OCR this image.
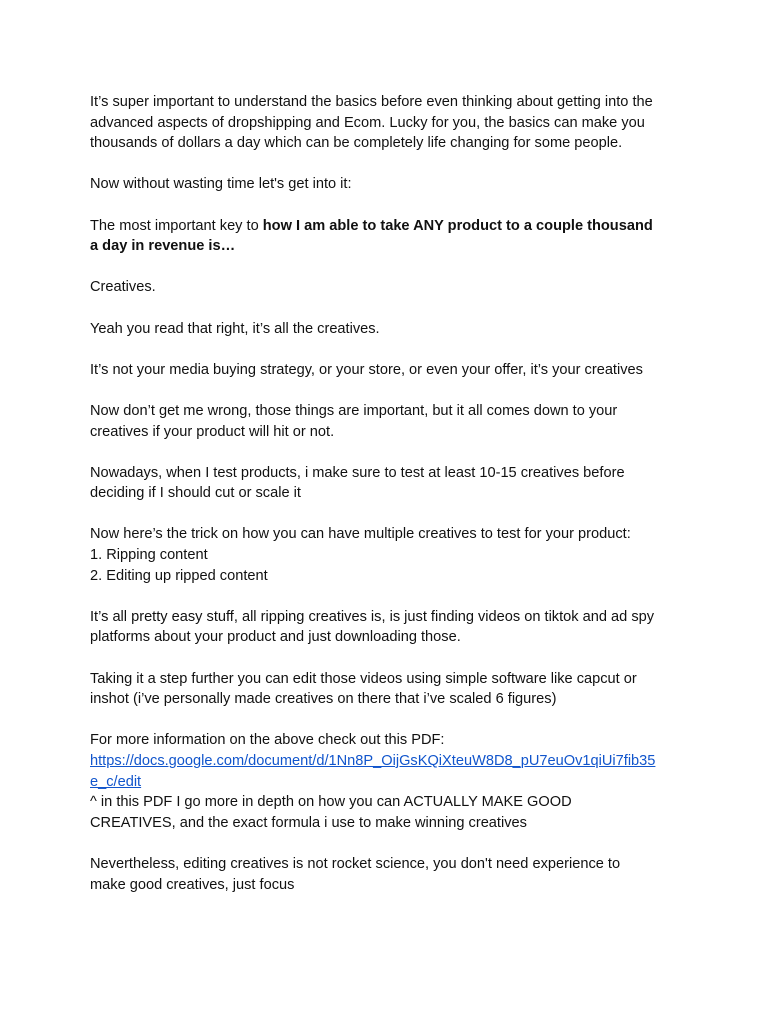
It’s super important to understand the basics before even thinking about getting into the
advanced aspects of dropshipping and Ecom. Lucky for you, the basics can make you
thousands of dollars a day which can be completely life changing for some people.

Now without wasting time let's get into it:

The most important key to how I am able to take ANY product to a couple thousand
a day in revenue is…

Creatives.

Yeah you read that right, it’s all the creatives.

It’s not your media buying strategy, or your store, or even your offer, it’s your creatives

Now don’t get me wrong, those things are important, but it all comes down to your
creatives if your product will hit or not.

Nowadays, when I test products, i make sure to test at least 10-15 creatives before
deciding if I should cut or scale it

Now here’s the trick on how you can have multiple creatives to test for your product:
1. Ripping content
2. Editing up ripped content

It’s all pretty easy stuff, all ripping creatives is, is just finding videos on tiktok and ad spy
platforms about your product and just downloading those.

Taking it a step further you can edit those videos using simple software like capcut or
inshot (i’ve personally made creatives on there that i’ve scaled 6 figures)

For more information on the above check out this PDF:
https://docs.google.com/document/d/1Nn8P_OijGsKQiXteuW8D8_pU7euOv1qiUi7fib35
e_c/edit
^ in this PDF I go more in depth on how you can ACTUALLY MAKE GOOD
CREATIVES, and the exact formula i use to make winning creatives

Nevertheless, editing creatives is not rocket science, you don't need experience to
make good creatives, just focus
